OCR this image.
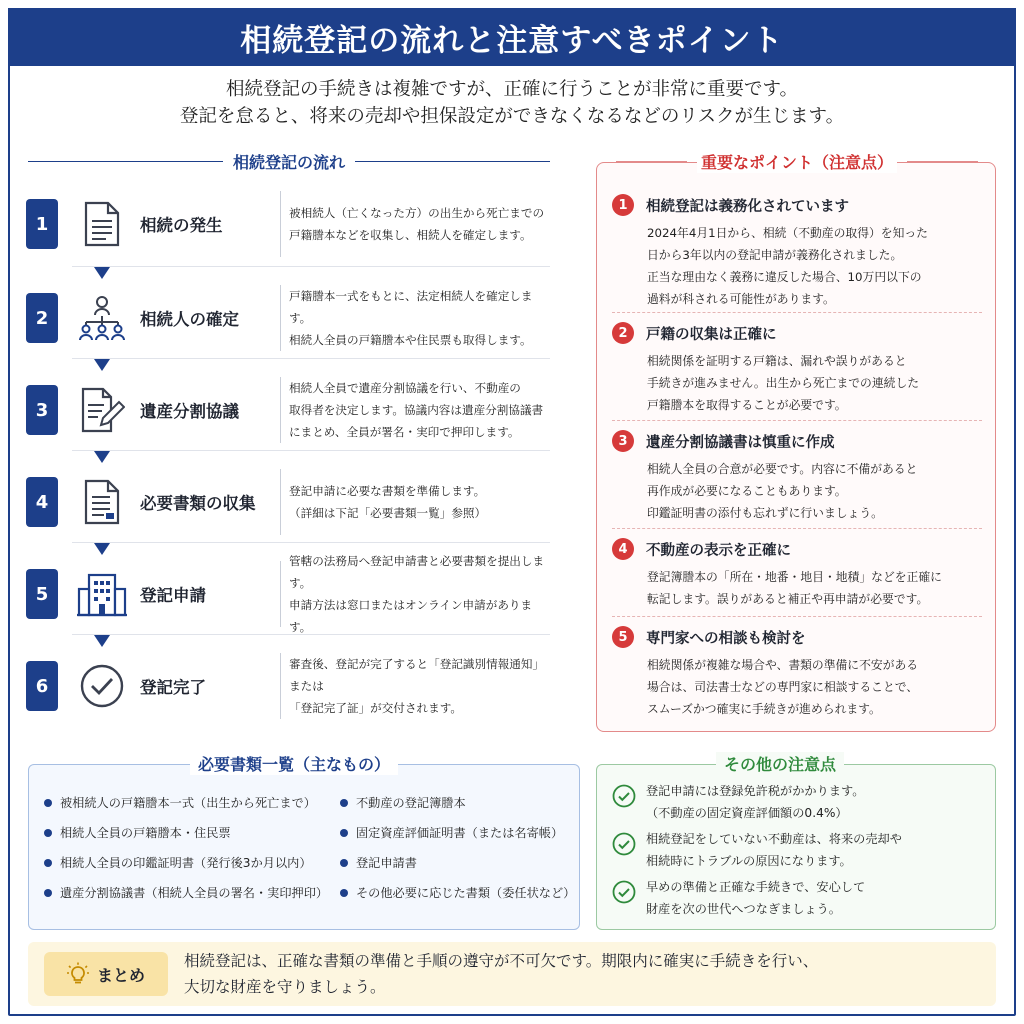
相続登記の流れと注意すべきポイント
相続登記の手続きは複雑ですが、正確に行うことが非常に重要です。
登記を怠ると、将来の売却や担保設定ができなくなるなどのリスクが生じます。
相続登記の流れ
1	相続の発生
被相続人（亡くなった方）の出生から死亡までの
戸籍謄本などを収集し、相続人を確定します。
2	相続人の確定
戸籍謄本一式をもとに、法定相続人を確定します。
相続人全員の戸籍謄本や住民票も取得します。
3	遺産分割協議
相続人全員で遺産分割協議を行い、不動産の
取得者を決定します。協議内容は遺産分割協議書
にまとめ、全員が署名・実印で押印します。
4	必要書類の収集
登記申請に必要な書類を準備します。
（詳細は下記「必要書類一覧」参照）
5	登記申請
管轄の法務局へ登記申請書と必要書類を提出します。
申請方法は窓口またはオンライン申請があります。
6	登記完了
審査後、登記が完了すると「登記識別情報通知」または
「登記完了証」が交付されます。
重要なポイント（注意点）
1	相続登記は義務化されています
2024年4月1日から、相続（不動産の取得）を知った
日から3年以内の登記申請が義務化されました。
正当な理由なく義務に違反した場合、10万円以下の
過料が科される可能性があります。
2	戸籍の収集は正確に
相続関係を証明する戸籍は、漏れや誤りがあると
手続きが進みません。出生から死亡までの連続した
戸籍謄本を取得することが必要です。
3	遺産分割協議書は慎重に作成
相続人全員の合意が必要です。内容に不備があると
再作成が必要になることもあります。
印鑑証明書の添付も忘れずに行いましょう。
4	不動産の表示を正確に
登記簿謄本の「所在・地番・地目・地積」などを正確に
転記します。誤りがあると補正や再申請が必要です。
5	専門家への相談も検討を
相続関係が複雑な場合や、書類の準備に不安がある
場合は、司法書士などの専門家に相談することで、
スムーズかつ確実に手続きが進められます。
必要書類一覧（主なもの）
被相続人の戸籍謄本一式（出生から死亡まで）	不動産の登記簿謄本
相続人全員の戸籍謄本・住民票	固定資産評価証明書（または名寄帳）
相続人全員の印鑑証明書（発行後3か月以内）	登記申請書
遺産分割協議書（相続人全員の署名・実印押印） その他必要に応じた書類（委任状など）
その他の注意点
登記申請には登録免許税がかかります。
（不動産の固定資産評価額の0.4%）
相続登記をしていない不動産は、将来の売却や
相続時にトラブルの原因になります。
早めの準備と正確な手続きで、安心して
財産を次の世代へつなぎましょう。
まとめ
相続登記は、正確な書類の準備と手順の遵守が不可欠です。期限内に確実に手続きを行い、
大切な財産を守りましょう。
